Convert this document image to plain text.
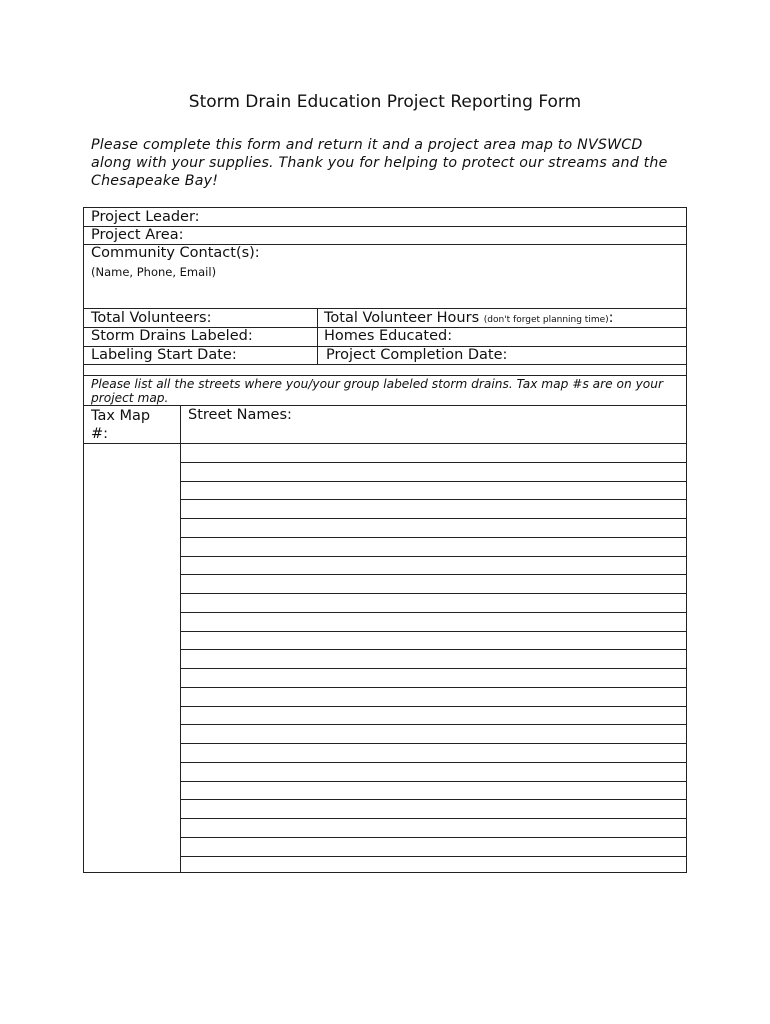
Storm Drain Education Project Reporting Form
Please complete this form and return it and a project area map to NVSWCD along with your supplies. Thank you for helping to protect our streams and the Chesapeake Bay!
Project Leader:
Project Area:
Community Contact(s):
(Name, Phone, Email)
Total Volunteers:	Total Volunteer Hours (don't forget planning time):
Storm Drains Labeled:	Homes Educated:
Labeling Start Date:	Project Completion Date:
Please list all the streets where you/your group labeled storm drains. Tax map #s are on your project map.
Tax Map #:
Street Names:
